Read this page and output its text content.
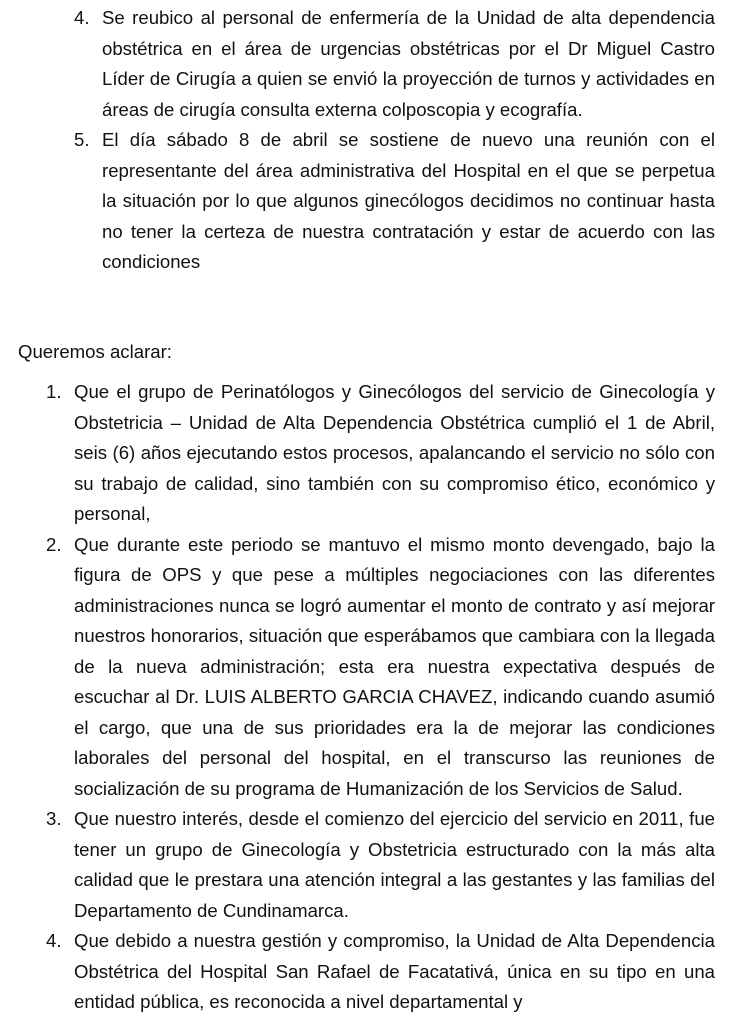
4. Se reubico al personal de enfermería de la Unidad de alta dependencia obstétrica en el área de urgencias obstétricas por el Dr Miguel Castro Líder de Cirugía a quien se envió la proyección de turnos y actividades en áreas de cirugía consulta externa colposcopia y ecografía.
5. El día sábado 8 de abril se sostiene de nuevo una reunión con el representante del área administrativa del Hospital en el que se perpetua la situación por lo que algunos ginecólogos decidimos no continuar hasta no tener la certeza de nuestra contratación y estar de acuerdo con las condiciones

Queremos aclarar:

1. Que el grupo de Perinatólogos y Ginecólogos del servicio de Ginecología y Obstetricia – Unidad de Alta Dependencia Obstétrica cumplió el 1 de Abril, seis (6) años ejecutando estos procesos, apalancando el servicio no sólo con su trabajo de calidad, sino también con su compromiso ético, económico y personal,
2. Que durante este periodo se mantuvo el mismo monto devengado, bajo la figura de OPS y que pese a múltiples negociaciones con las diferentes administraciones nunca se logró aumentar el monto de contrato y así mejorar nuestros honorarios, situación que esperábamos que cambiara con la llegada de la nueva administración; esta era nuestra expectativa después de escuchar al Dr. LUIS ALBERTO GARCIA CHAVEZ, indicando cuando asumió el cargo, que una de sus prioridades era la de mejorar las condiciones laborales del personal del hospital, en el transcurso las reuniones de socialización de su programa de Humanización de los Servicios de Salud.
3. Que nuestro interés, desde el comienzo del ejercicio del servicio en 2011, fue tener un grupo de Ginecología y Obstetricia estructurado con la más alta calidad que le prestara una atención integral a las gestantes y las familias del Departamento de Cundinamarca.
4. Que debido a nuestra gestión y compromiso, la Unidad de Alta Dependencia Obstétrica del Hospital San Rafael de Facatativá, única en su tipo en una entidad pública, es reconocida a nivel departamental y
